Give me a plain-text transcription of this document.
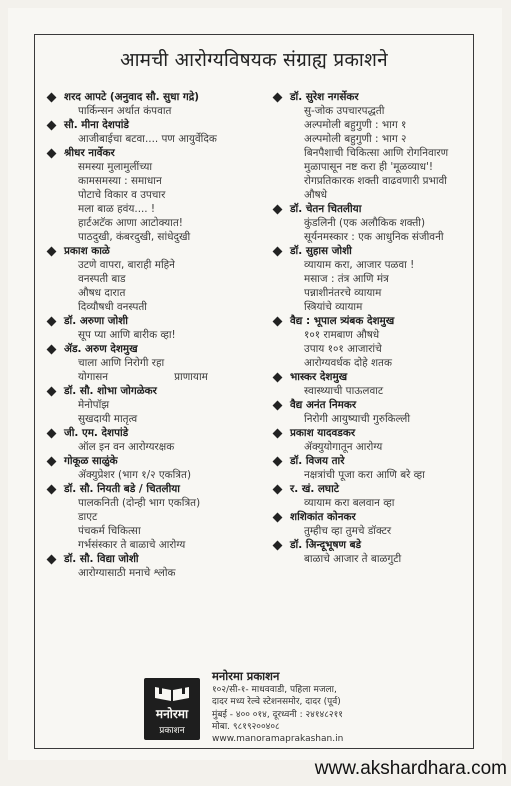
आमची आरोग्यविषयक संग्राह्य प्रकाशने
शरद आपटे (अनुवाद सौ. सुधा गद्रे)
पार्किन्सन अर्थात कंपवात
सौ. मीना देशपांडे
आजीबाईचा बटवा.... पण आयुर्वेदिक
श्रीधर नार्वेकर
समस्या मुलामुलींच्या
कामसमस्या : समाधान
पोटाचे विकार व उपचार
मला बाळ हवंय.... !
हार्टअटॅक आणा आटोक्यात!
पाठदुखी, कंबरदुखी, सांधेदुखी
प्रकाश काळे
उटणे वापरा, बाराही महिने
वनस्पती बाड
औषध दारात
दिव्यौषधी वनस्पती
डॉ. अरुणा जोशी
सूप प्या आणि बारीक व्हा!
ॲड. अरुण देशमुख
चाला आणि निरोगी रहा
योगासन                    प्राणायाम
डॉ. सौ. शोभा जोगळेकर
मेनोपॉझ
सुखदायी मातृत्व
जी. एम. देशपांडे
ऑल इन वन आरोग्यरक्षक
गोकूळ साळुंके
ॲक्युप्रेशर (भाग १/२ एकत्रित)
डॉ. सौ. नियती बडे / चितलीया
पालकनिती (दोन्ही भाग एकत्रित)
डाएट
पंचकर्म चिकित्सा
गर्भसंस्कार ते बाळाचे आरोग्य
डॉ. सौ. विद्या जोशी
आरोग्यासाठी मनाचे श्लोक
डॉ. सुरेश नगर्सेकर
सु-जोक उपचारपद्धती
अल्पमोली बहुगुणी : भाग १
अल्पमोली बहुगुणी : भाग २
बिनपैशाची चिकित्सा आणि रोगनिवारण
मुळापासून नष्ट करा ही 'मूळव्याध'!
रोगप्रतिकारक शक्ती वाढवणारी प्रभावी
औषधे
डॉ. चेतन चितलीया
कुंडलिनी (एक अलौकिक शक्ती)
सूर्यनमस्कार : एक आधुनिक संजीवनी
डॉ. सुहास जोशी
व्यायाम करा, आजार पळवा !
मसाज : तंत्र आणि मंत्र
पन्नाशीनंतरचे व्यायाम
स्त्रियांचे व्यायाम
वैद्य : भूपाल त्र्यंबक देशमुख
१०१ रामबाण औषधे
उपाय १०१ आजारांचे
आरोग्यवर्धक दोहे शतक
भास्कर देशमुख
स्वास्थ्याची पाऊलवाट
वैद्य अनंत निमकर
निरोगी आयुष्याची गुरुकिल्ली
प्रकाश यादवडकर
ॲक्युयोगातून आरोग्य
डॉ. विजय तारे
नक्षत्रांची पूजा करा आणि बरे व्हा
र. खं. लघाटे
व्यायाम करा बलवान व्हा
शशिकांत कोनकर
तुम्हीच व्हा तुमचे डॉक्टर
डॉ. अिन्दूभूषण बडे
बाळाचे आजार ते बाळगुटी
मनोरमा
प्रकाशन
मनोरमा प्रकाशन
१०२/सी-१- माधववाडी, पहिला मजला,
दादर मध्य रेल्वे स्टेशनसमोर, दादर (पूर्व)
मुंबई - ४०० ०१४, दूरध्वनी : २४१४८२११
मोबा. ९८१९२००४०८
www.manoramaprakashan.in
www.akshardhara.com
